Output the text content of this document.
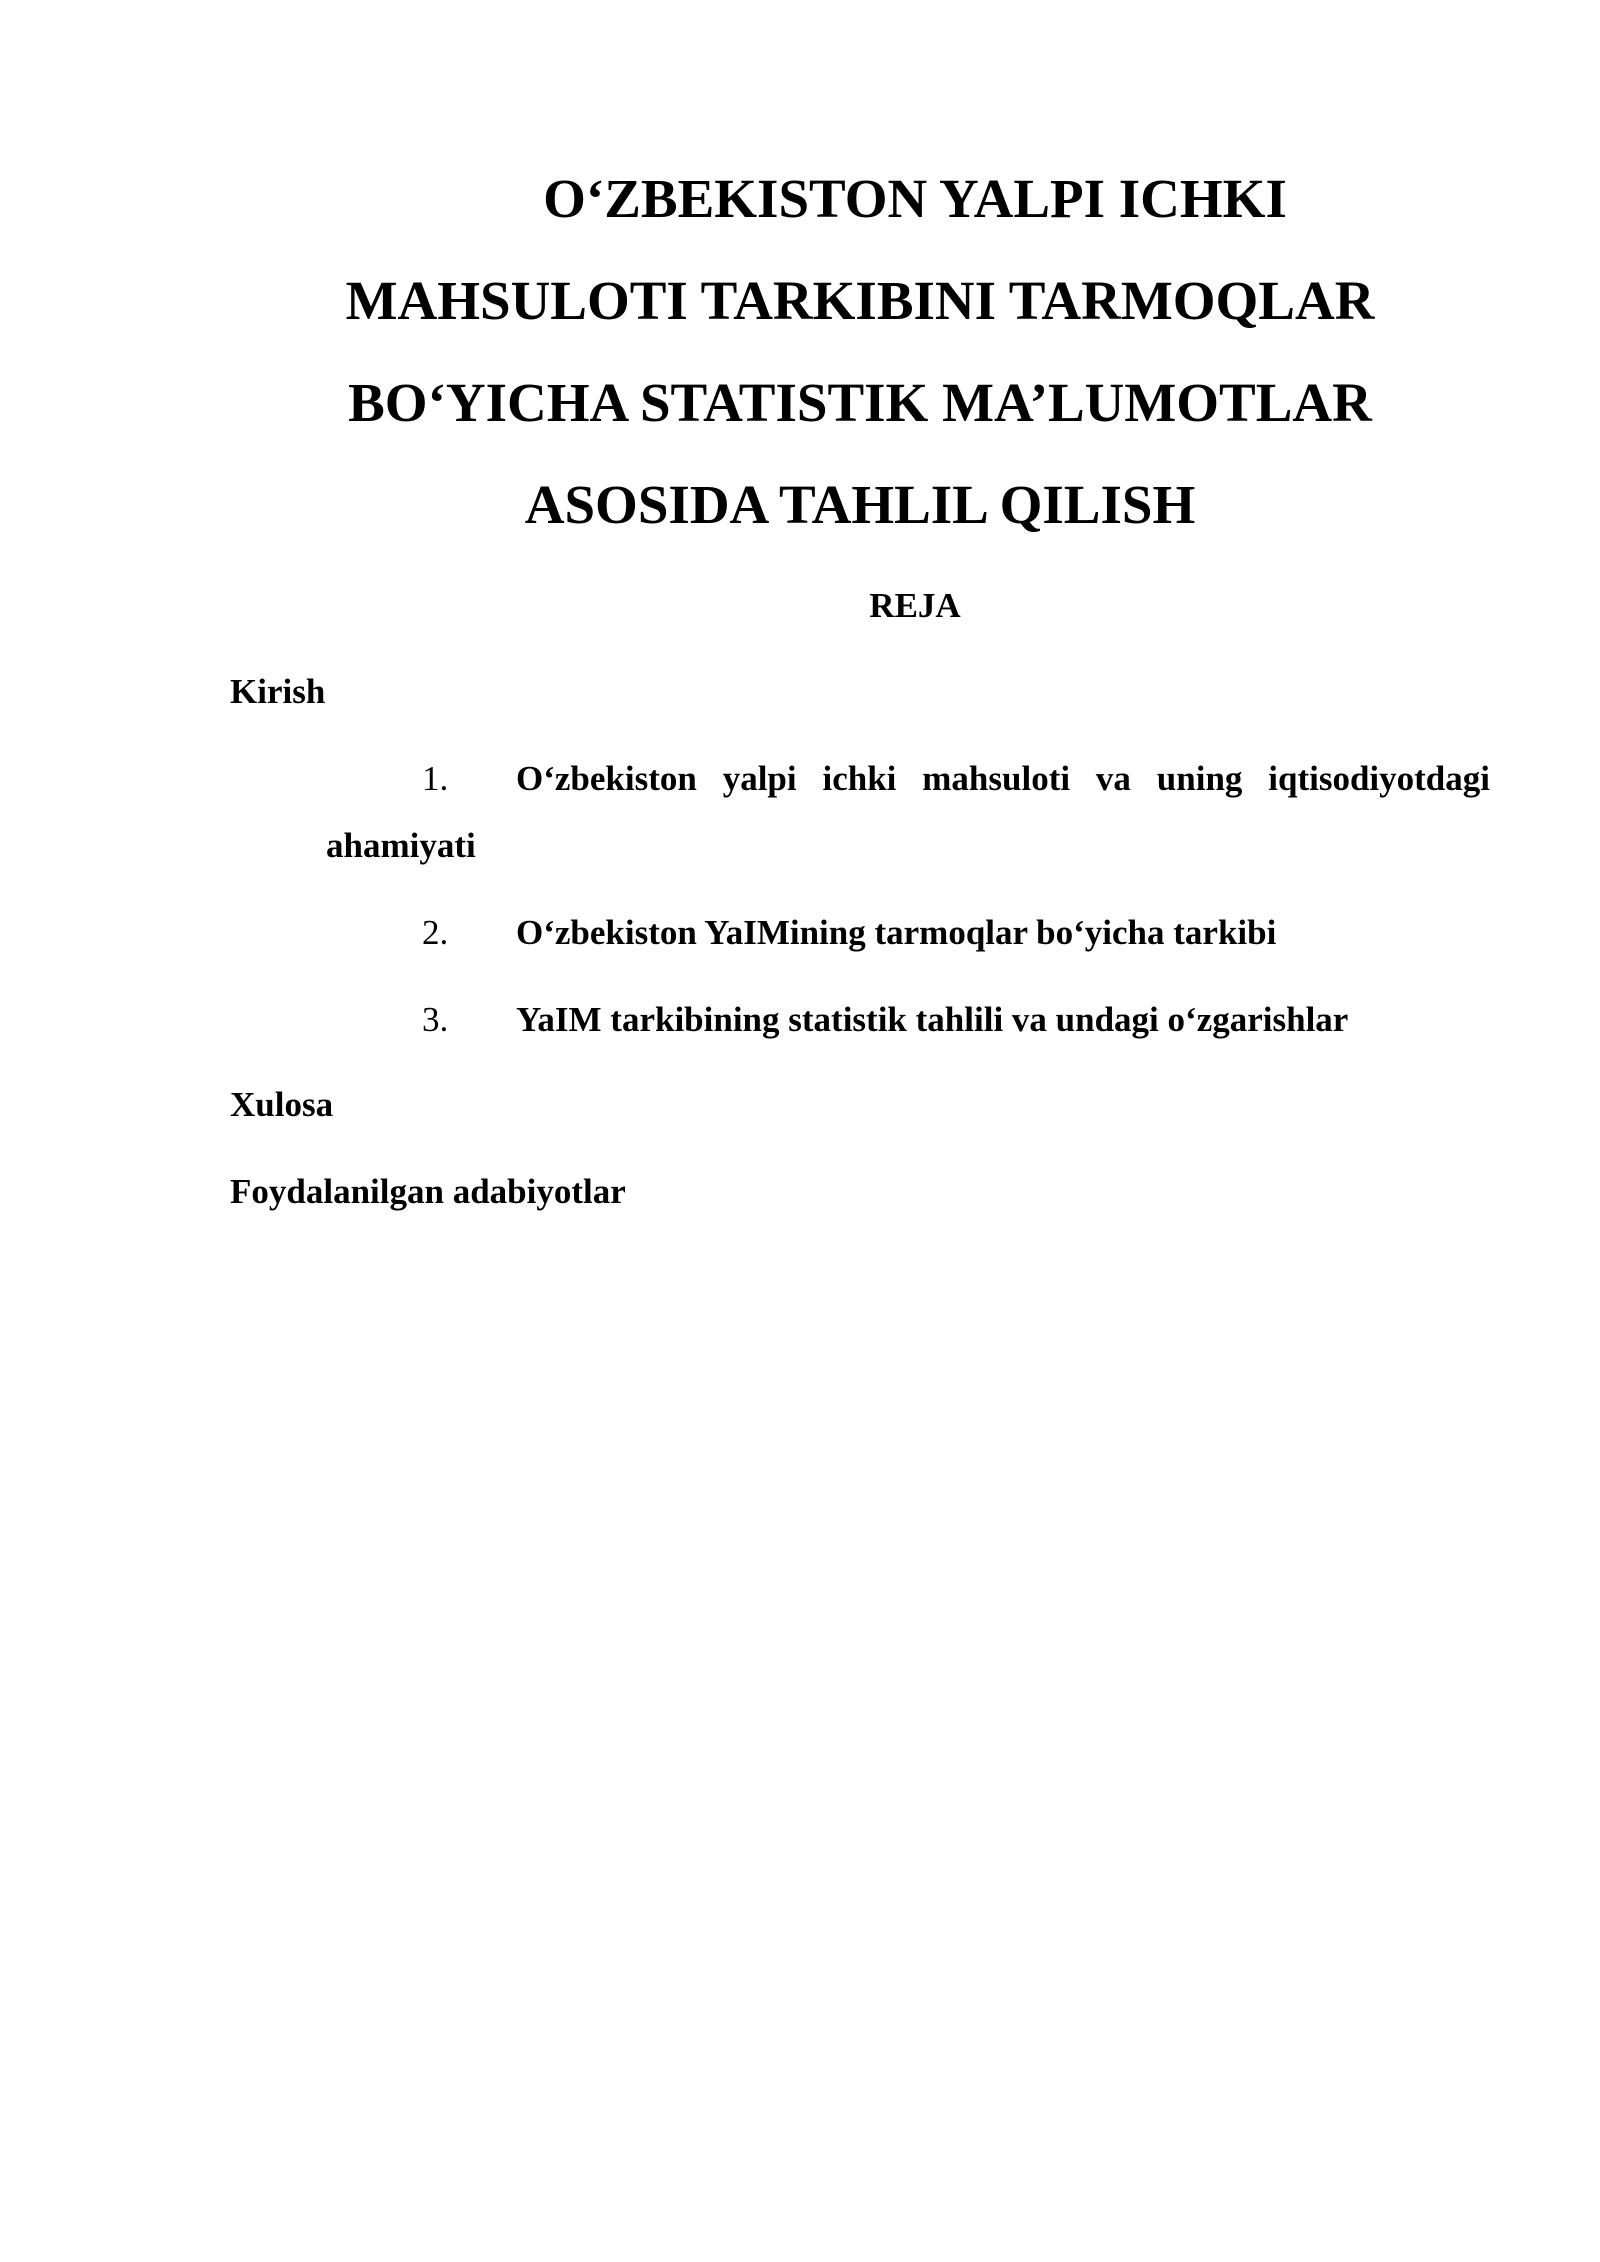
O‘ZBEKISTON YALPI ICHKI
MAHSULOTI TARKIBINI TARMOQLAR
BO‘YICHA STATISTIK MA’LUMOTLAR
ASOSIDA TAHLIL QILISH
REJA
Kirish
1.	O‘zbekiston yalpi ichki mahsuloti va uning iqtisodiyotdagi
ahamiyati
2.	O‘zbekiston YaIMining tarmoqlar bo‘yicha tarkibi
3.	YaIM tarkibining statistik tahlili va undagi o‘zgarishlar
Xulosa
Foydalanilgan adabiyotlar
